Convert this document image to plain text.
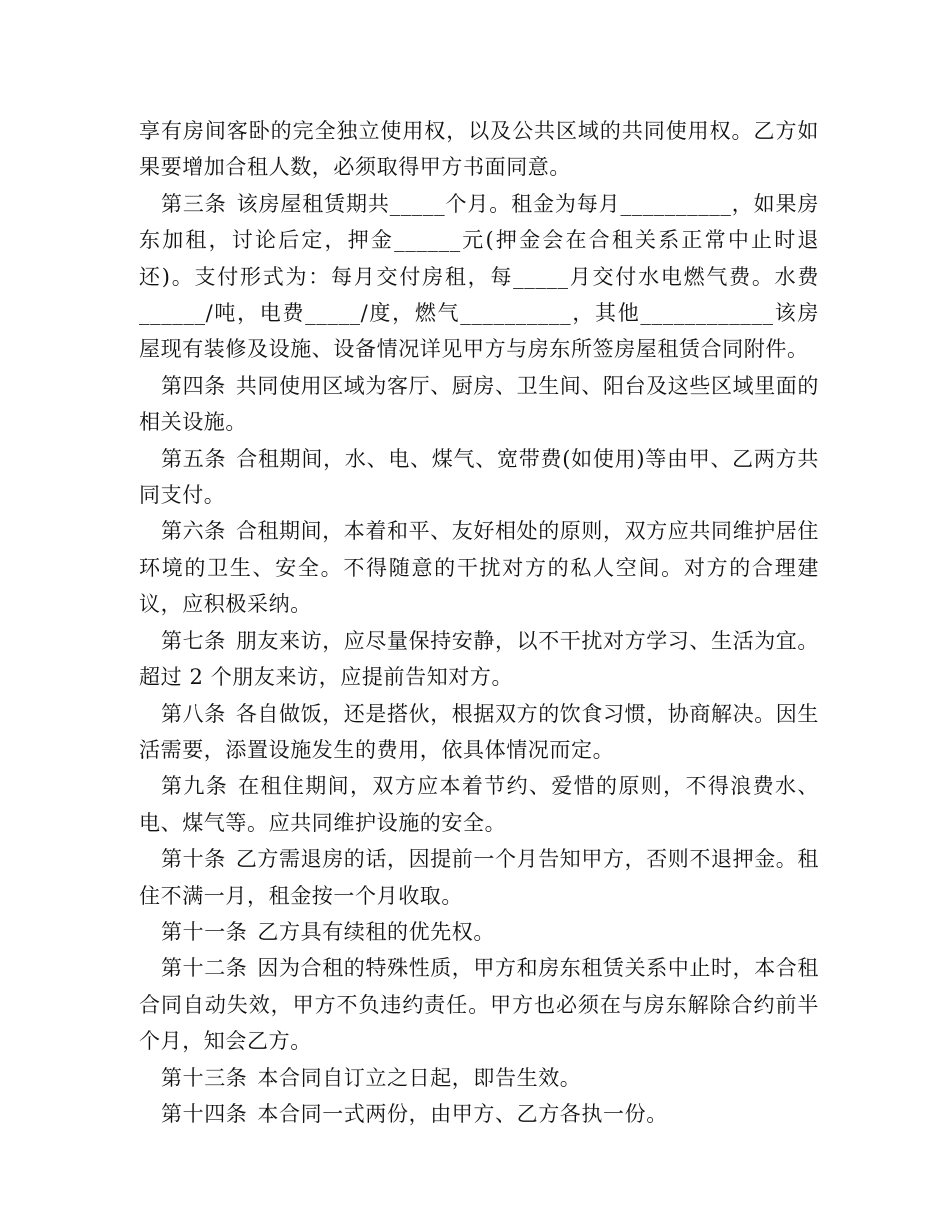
享有房间客卧的完全独立使用权，以及公共区域的共同使用权。乙方如果要增加合租人数，必须取得甲方书面同意。

第三条 该房屋租赁期共_____个月。租金为每月__________，如果房东加租，讨论后定，押金______元(押金会在合租关系正常中止时退还)。支付形式为：每月交付房租，每_____月交付水电燃气费。水费______/吨，电费_____/度，燃气__________，其他____________该房屋现有装修及设施、设备情况详见甲方与房东所签房屋租赁合同附件。

第四条 共同使用区域为客厅、厨房、卫生间、阳台及这些区域里面的相关设施。

第五条 合租期间，水、电、煤气、宽带费(如使用)等由甲、乙两方共同支付。

第六条 合租期间，本着和平、友好相处的原则，双方应共同维护居住环境的卫生、安全。不得随意的干扰对方的私人空间。对方的合理建议，应积极采纳。

第七条 朋友来访，应尽量保持安静，以不干扰对方学习、生活为宜。超过 2 个朋友来访，应提前告知对方。

第八条 各自做饭，还是搭伙，根据双方的饮食习惯，协商解决。因生活需要，添置设施发生的费用，依具体情况而定。

第九条 在租住期间，双方应本着节约、爱惜的原则，不得浪费水、电、煤气等。应共同维护设施的安全。

第十条 乙方需退房的话，因提前一个月告知甲方，否则不退押金。租住不满一月，租金按一个月收取。

第十一条 乙方具有续租的优先权。

第十二条 因为合租的特殊性质，甲方和房东租赁关系中止时，本合租合同自动失效，甲方不负违约责任。甲方也必须在与房东解除合约前半个月，知会乙方。

第十三条 本合同自订立之日起，即告生效。

第十四条 本合同一式两份，由甲方、乙方各执一份。
